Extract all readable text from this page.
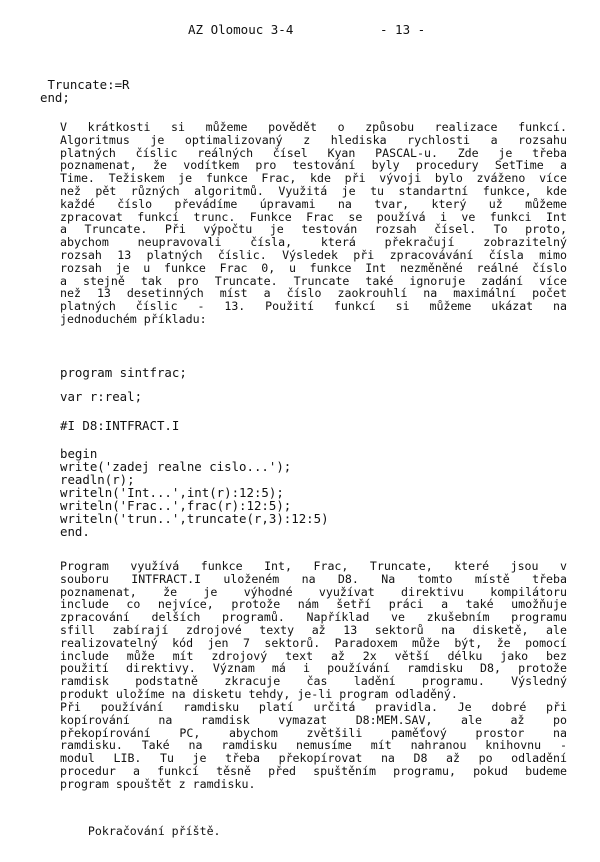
AZ Olomouc 3-4	- 13 -
Truncate:=R
end;
V krátkosti si můžeme povědět o způsobu realizace funkcí.
Algoritmus je optimalizovaný z hlediska rychlosti a rozsahu
platných číslic reálných čísel Kyan PASCAL-u. Zde je třeba
poznamenat, že vodítkem pro testování byly procedury SetTime a
Time. Težiskem je funkce Frac, kde při vývoji bylo zváženo více
než pět různých algoritmů. Využitá je tu standartní funkce, kde
každé číslo převádíme úpravami na tvar, který už můžeme
zpracovat funkcí trunc. Funkce Frac se používá i ve funkci Int
a Truncate. Při výpočtu je testován rozsah čísel. To proto,
abychom neupravovali čísla, která překračují zobrazitelný
rozsah 13 platných číslic. Výsledek při zpracovávání čísla mimo
rozsah je u funkce Frac 0, u funkce Int nezměněné reálné číslo
a stejně tak pro Truncate. Truncate také ignoruje zadání více
než 13 desetinných míst a číslo zaokrouhlí na maximální počet
platných číslic - 13. Použití funkcí si můžeme ukázat na
jednoduchém příkladu:
program sintfrac;
var r:real;
#I D8:INTFRACT.I
begin
write('zadej realne cislo...');
readln(r);
writeln('Int...',int(r):12:5);
writeln('Frac..',frac(r):12:5);
writeln('trun..',truncate(r,3):12:5)
end.
Program využívá funkce Int, Frac, Truncate, které jsou v
souboru INTFRACT.I uloženém na D8. Na tomto místě třeba
poznamenat, že je výhodné využívat direktivu kompilátoru
include co nejvíce, protože nám šetří práci a také umožňuje
zpracování delších programů. Například ve zkušebním programu
sfill zabírají zdrojové texty až 13 sektorů na disketě, ale
realizovatelný kód jen 7 sektorů. Paradoxem může být, že pomocí
include může mít zdrojový text až 2x větší délku jako bez
použití direktivy. Význam má i používání ramdisku D8, protože
ramdisk podstatně zkracuje čas ladění programu. Výsledný
produkt uložíme na disketu tehdy, je-li program odladěný.
Při používání ramdisku platí určitá pravidla. Je dobré při
kopírování na ramdisk vymazat D8:MEM.SAV, ale až po
překopírování PC, abychom zvětšili paměťový prostor na
ramdisku. Také na ramdisku nemusíme mít nahranou knihovnu -
modul LIB. Tu je třeba překopírovat na D8 až po odladění
procedur a funkcí těsně před spuštěním programu, pokud budeme
program spouštět z ramdisku.
Pokračování příště.
